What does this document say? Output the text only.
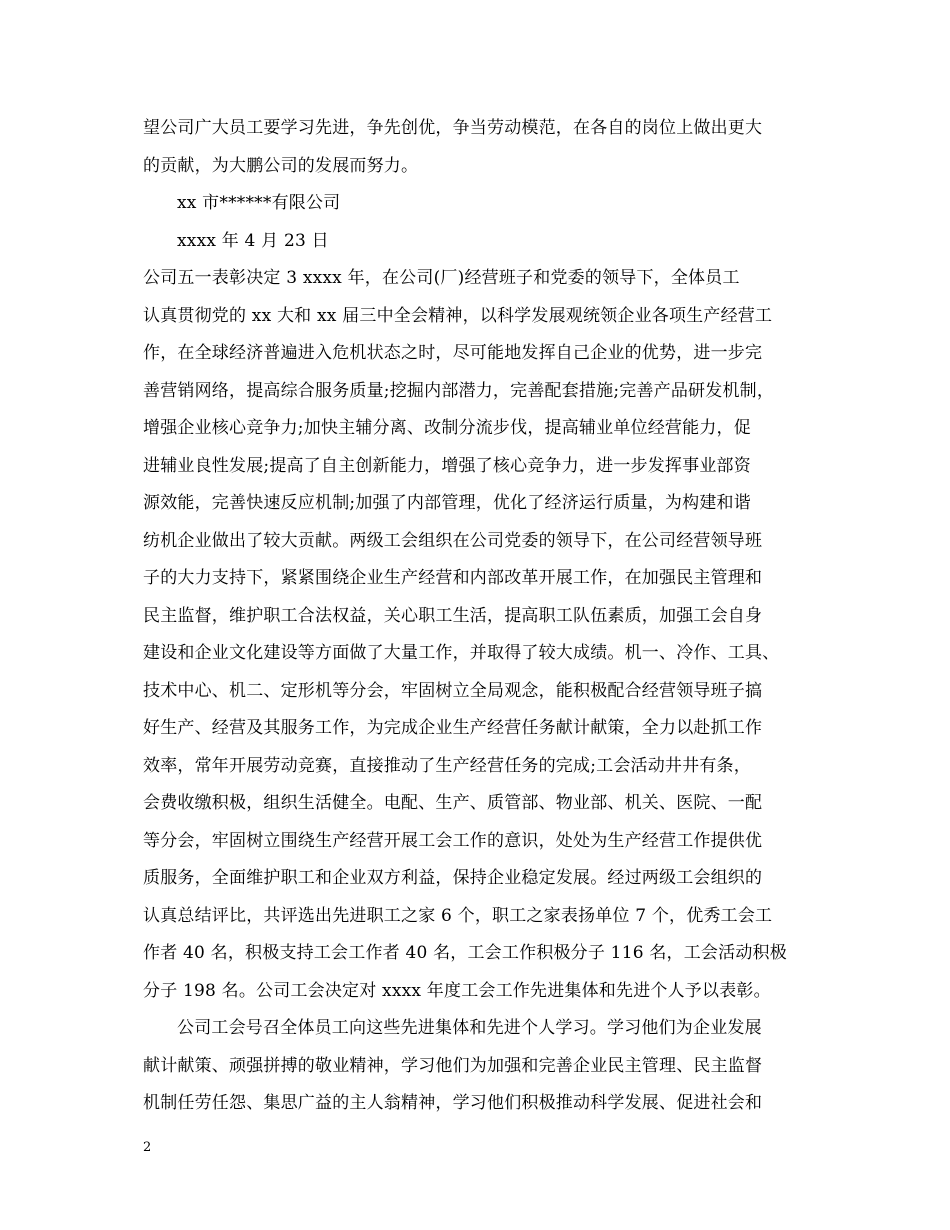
望公司广大员工要学习先进，争先创优，争当劳动模范，在各自的岗位上做出更大
的贡献，为大鹏公司的发展而努力。
xx 市******有限公司
xxxx 年 4 月 23 日
公司五一表彰决定 3 xxxx 年，在公司(厂)经营班子和党委的领导下，全体员工
认真贯彻党的 xx 大和 xx 届三中全会精神，以科学发展观统领企业各项生产经营工
作，在全球经济普遍进入危机状态之时，尽可能地发挥自己企业的优势，进一步完
善营销网络，提高综合服务质量;挖掘内部潜力，完善配套措施;完善产品研发机制，
增强企业核心竞争力;加快主辅分离、改制分流步伐，提高辅业单位经营能力，促
进辅业良性发展;提高了自主创新能力，增强了核心竞争力，进一步发挥事业部资
源效能，完善快速反应机制;加强了内部管理，优化了经济运行质量，为构建和谐
纺机企业做出了较大贡献。两级工会组织在公司党委的领导下，在公司经营领导班
子的大力支持下，紧紧围绕企业生产经营和内部改革开展工作，在加强民主管理和
民主监督，维护职工合法权益，关心职工生活，提高职工队伍素质，加强工会自身
建设和企业文化建设等方面做了大量工作，并取得了较大成绩。机一、冷作、工具、
技术中心、机二、定形机等分会，牢固树立全局观念，能积极配合经营领导班子搞
好生产、经营及其服务工作，为完成企业生产经营任务献计献策，全力以赴抓工作
效率，常年开展劳动竞赛，直接推动了生产经营任务的完成;工会活动井井有条，
会费收缴积极，组织生活健全。电配、生产、质管部、物业部、机关、医院、一配
等分会，牢固树立围绕生产经营开展工会工作的意识，处处为生产经营工作提供优
质服务，全面维护职工和企业双方利益，保持企业稳定发展。经过两级工会组织的
认真总结评比，共评选出先进职工之家 6 个，职工之家表扬单位 7 个，优秀工会工
作者 40 名，积极支持工会工作者 40 名，工会工作积极分子 116 名，工会活动积极
分子 198 名。公司工会决定对 xxxx 年度工会工作先进集体和先进个人予以表彰。
公司工会号召全体员工向这些先进集体和先进个人学习。学习他们为企业发展
献计献策、顽强拼搏的敬业精神，学习他们为加强和完善企业民主管理、民主监督
机制任劳任怨、集思广益的主人翁精神，学习他们积极推动科学发展、促进社会和
2
